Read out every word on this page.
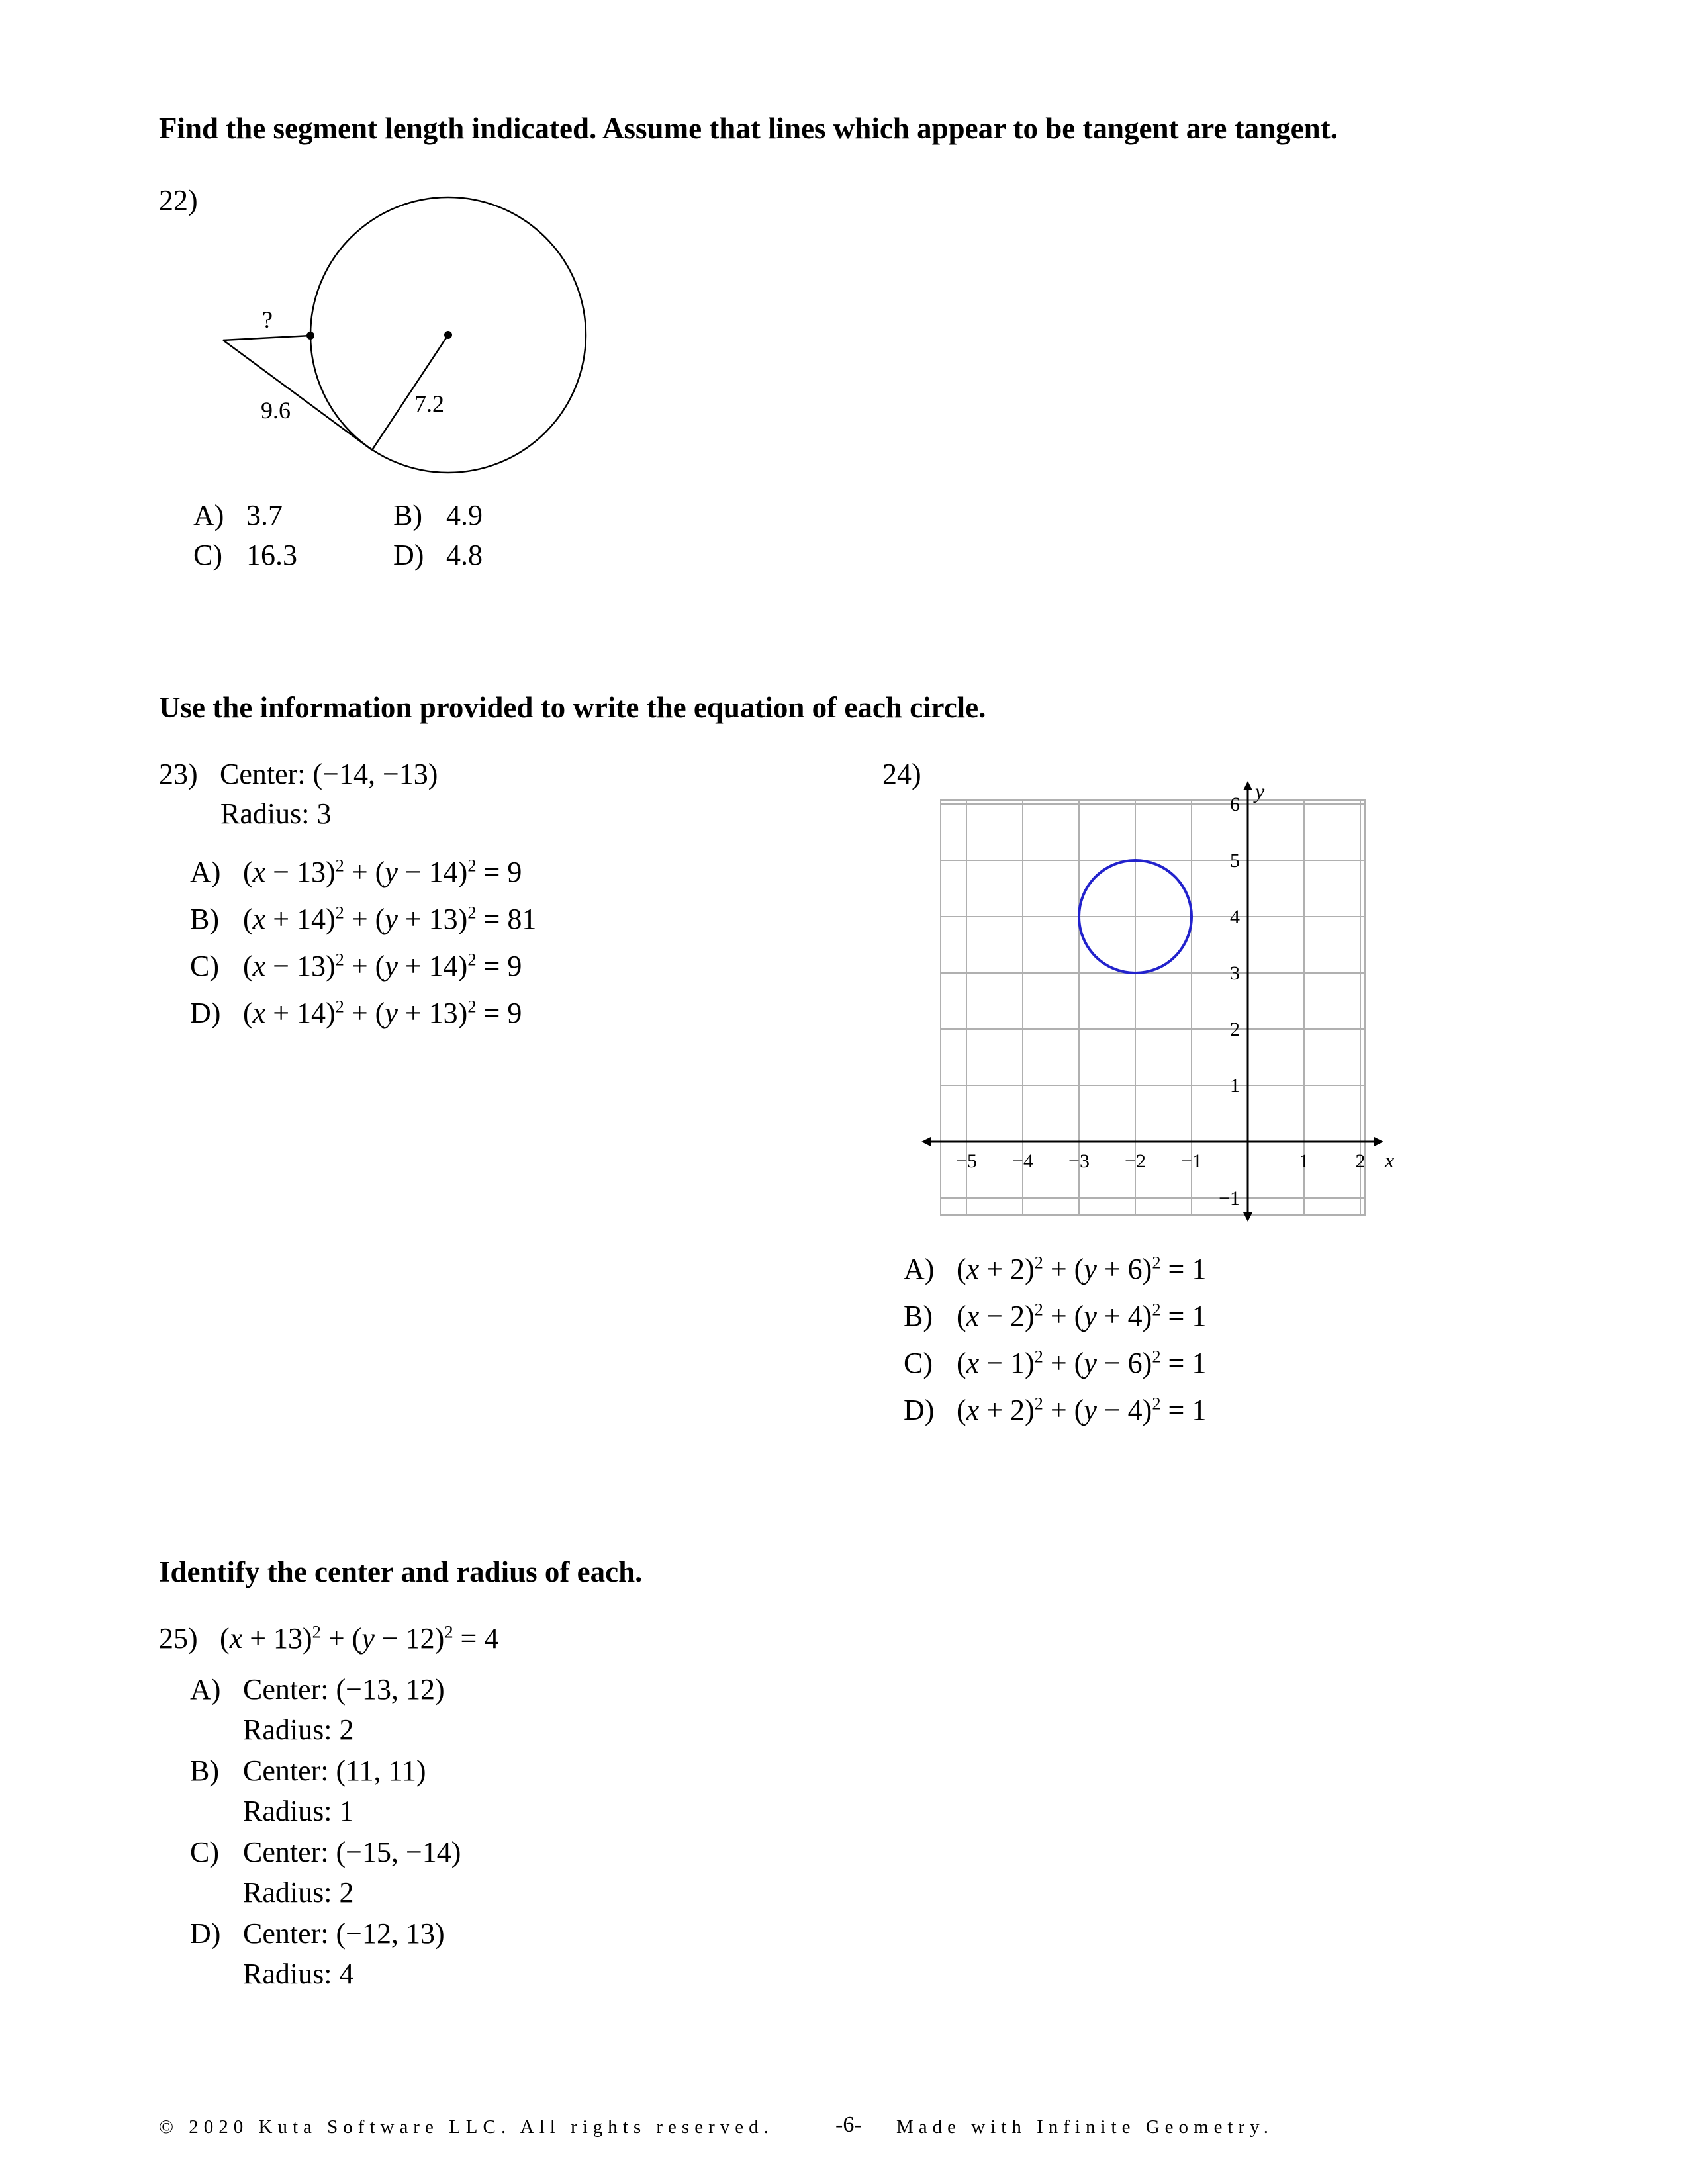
Find the segment length indicated. Assume that lines which appear to be tangent are tangent.
22)
?
9.6	7.2
A) 3.7	B) 4.9
C) 16.3	D) 4.8
Use the information provided to write the equation of each circle.
23) Center: (−14, −13)
Radius: 3
A) $(x - 13)^2 + (y - 14)^2 = 9$
B) $(x + 14)^2 + (y + 13)^2 = 81$
C) $(x - 13)^2 + (y + 14)^2 = 9$
D) $(x + 14)^2 + (y + 13)^2 = 9$
24)
−5 −4 −3 −2 −1	1 2
6
5
4
3
2
1
−1
x
y
A) $(x + 2)^2 + (y + 6)^2 = 1$
B) $(x - 2)^2 + (y + 4)^2 = 1$
C) $(x - 1)^2 + (y - 6)^2 = 1$
D) $(x + 2)^2 + (y - 4)^2 = 1$
Identify the center and radius of each.
25) $(x + 13)^2 + (y - 12)^2 = 4$
A) Center: (−13, 12)
Radius: 2
B) Center: (11, 11)
Radius: 1
C) Center: (−15, −14)
Radius: 2
D) Center: (−12, 13)
Radius: 4
© 2020 Kuta Software LLC. All rights reserved.	-6- Made with Infinite Geometry.
